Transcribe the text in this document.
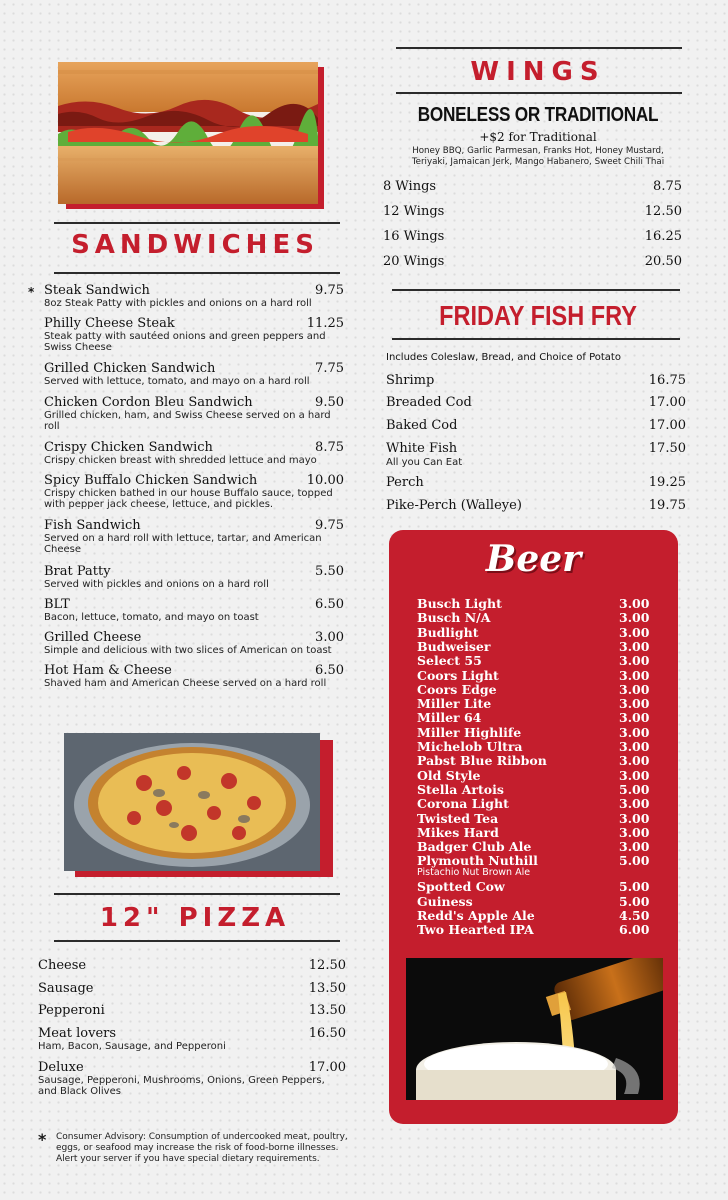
SANDWICHES
* Steak Sandwich	9.75
8oz Steak Patty with pickles and onions on a hard roll
Philly Cheese Steak	11.25
Steak patty with sautéed onions and green peppers and Swiss Cheese
Grilled Chicken Sandwich	7.75
Served with lettuce, tomato, and mayo on a hard roll
Chicken Cordon Bleu Sandwich	9.50
Grilled chicken, ham, and Swiss Cheese served on a hard roll
Crispy Chicken Sandwich	8.75
Crispy chicken breast with shredded lettuce and mayo
Spicy Buffalo Chicken Sandwich	10.00
Crispy chicken bathed in our house Buffalo sauce, topped with pepper jack cheese, lettuce, and pickles.
Fish Sandwich	9.75
Served on a hard roll with lettuce, tartar, and American Cheese
Brat Patty	5.50
Served with pickles and onions on a hard roll
BLT	6.50
Bacon, lettuce, tomato, and mayo on toast
Grilled Cheese	3.00
Simple and delicious with two slices of American on toast
Hot Ham & Cheese	6.50
Shaved ham and American Cheese served on a hard roll
12" PIZZA
Cheese	12.50
Sausage	13.50
Pepperoni	13.50
Meat lovers	16.50
Ham, Bacon, Sausage, and Pepperoni
Deluxe	17.00
Sausage, Pepperoni, Mushrooms, Onions, Green Peppers, and Black Olives
* Consumer Advisory: Consumption of undercooked meat, poultry,
eggs, or seafood may increase the risk of food-borne illnesses.
Alert your server if you have special dietary requirements.
WINGS
BONELESS OR TRADITIONAL
+$2 for Traditional
Honey BBQ, Garlic Parmesan, Franks Hot, Honey Mustard,
Teriyaki, Jamaican Jerk, Mango Habanero, Sweet Chili Thai
8 Wings	8.75
12 Wings	12.50
16 Wings	16.25
20 Wings	20.50
FRIDAY FISH FRY
Includes Coleslaw, Bread, and Choice of Potato
Shrimp	16.75
Breaded Cod	17.00
Baked Cod	17.00
White Fish	17.50
All you Can Eat
Perch	19.25
Pike-Perch (Walleye)	19.75
Beer
Busch Light	3.00
Busch N/A	3.00
Budlight	3.00
Budweiser	3.00
Select 55	3.00
Coors Light	3.00
Coors Edge	3.00
Miller Lite	3.00
Miller 64	3.00
Miller Highlife	3.00
Michelob Ultra	3.00
Pabst Blue Ribbon	3.00
Old Style	3.00
Stella Artois	5.00
Corona Light	3.00
Twisted Tea	3.00
Mikes Hard	3.00
Badger Club Ale	3.00
Plymouth Nuthill	5.00
Pistachio Nut Brown Ale
Spotted Cow	5.00
Guiness	5.00
Redd's Apple Ale	4.50
Two Hearted IPA	6.00
